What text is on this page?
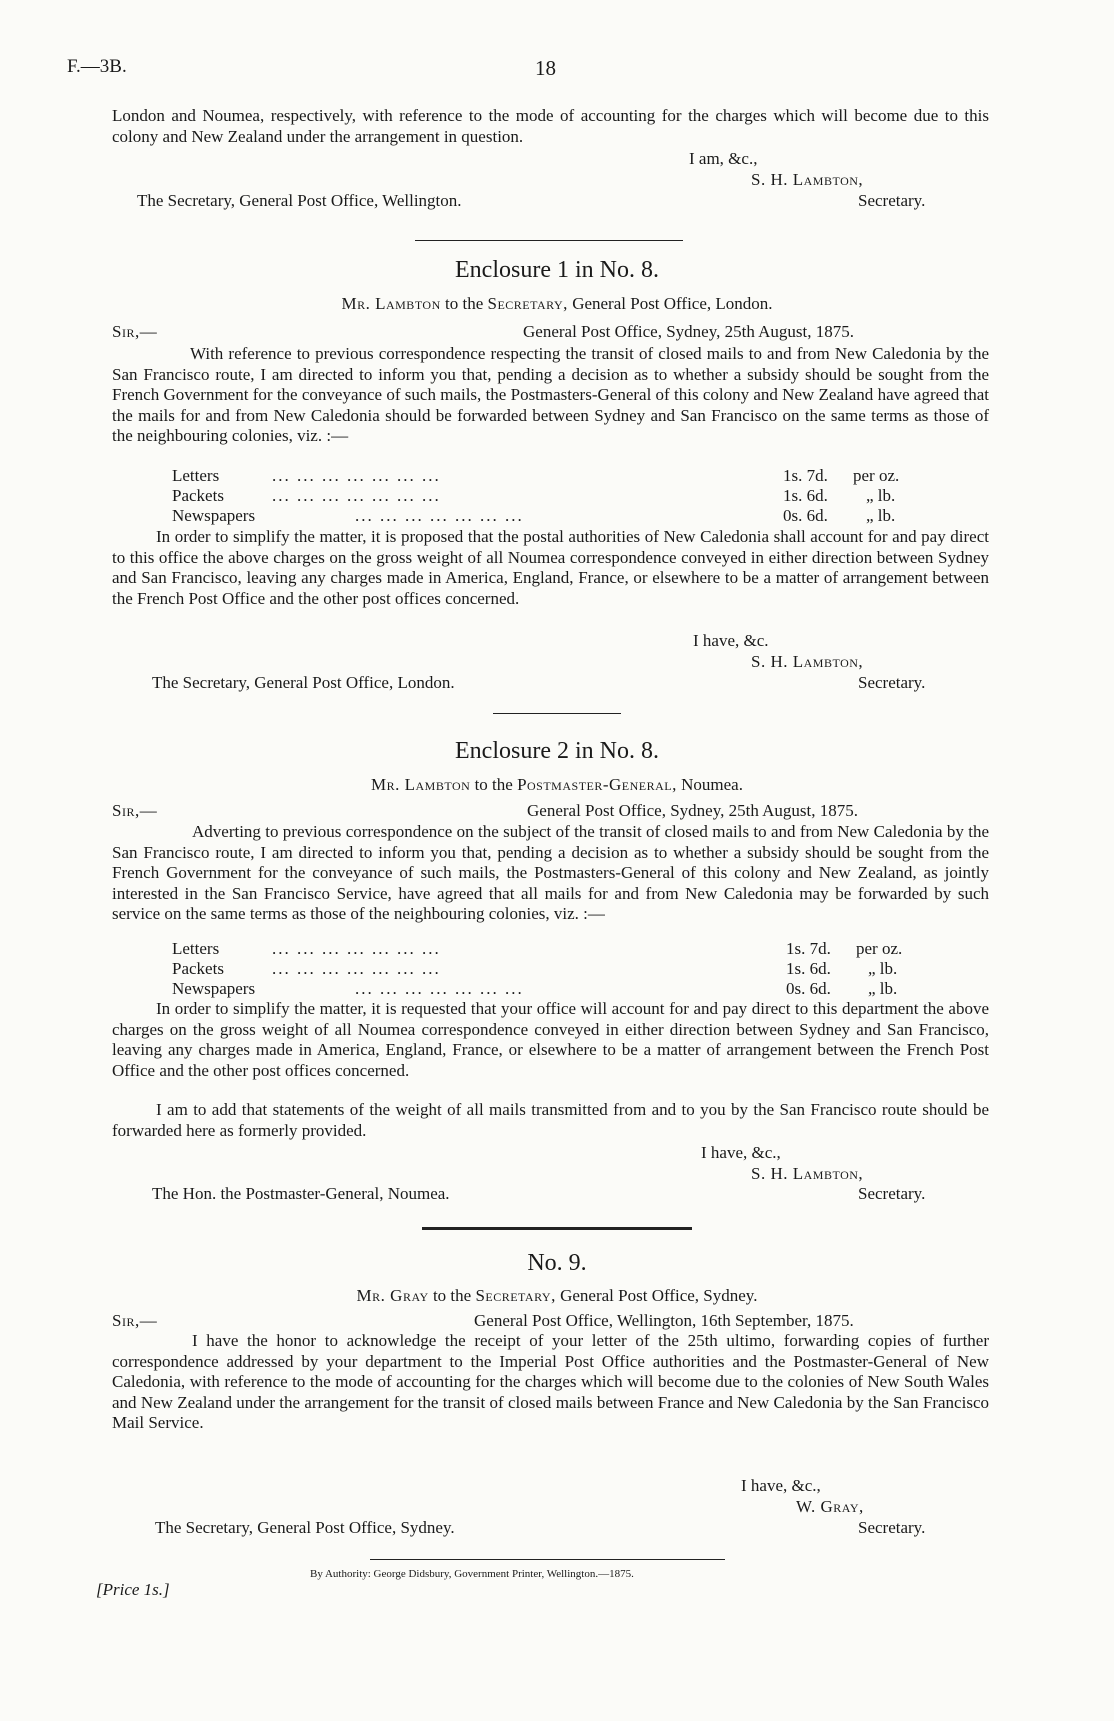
F.—3B.	18
London and Noumea, respectively, with reference to the mode of accounting for the charges which will become due to this colony and New Zealand under the arrangement in question.
I am, &c.,
S. H. Lambton,
The Secretary, General Post Office, Wellington.	Secretary.
Enclosure 1 in No. 8.
Mr. Lambton to the Secretary, General Post Office, London.
Sir,—	General Post Office, Sydney, 25th August, 1875.
With reference to previous correspondence respecting the transit of closed mails to and from New Caledonia by the San Francisco route, I am directed to inform you that, pending a decision as to whether a subsidy should be sought from the French Government for the conveyance of such mails, the Postmasters-General of this colony and New Zealand have agreed that the mails for and from New Caledonia should be forwarded between Sydney and San Francisco on the same terms as those of the neighbouring colonies, viz. :—
Letters	... ... ... ... ... ... ...	1s. 7d. per oz.
Packets	... ... ... ... ... ... ...	1s. 6d. „ lb.
Newspapers	... ... ... ... ... ... ...	0s. 6d. „ lb.
In order to simplify the matter, it is proposed that the postal authorities of New Caledonia shall account for and pay direct to this office the above charges on the gross weight of all Noumea correspondence conveyed in either direction between Sydney and San Francisco, leaving any charges made in America, England, France, or elsewhere to be a matter of arrangement between the French Post Office and the other post offices concerned.
I have, &c.
S. H. Lambton,
The Secretary, General Post Office, London.	Secretary.
Enclosure 2 in No. 8.
Mr. Lambton to the Postmaster-General, Noumea.
Sir,—	General Post Office, Sydney, 25th August, 1875.
Adverting to previous correspondence on the subject of the transit of closed mails to and from New Caledonia by the San Francisco route, I am directed to inform you that, pending a decision as to whether a subsidy should be sought from the French Government for the conveyance of such mails, the Postmasters-General of this colony and New Zealand, as jointly interested in the San Francisco Service, have agreed that all mails for and from New Caledonia may be forwarded by such service on the same terms as those of the neighbouring colonies, viz. :—
Letters	... ... ... ... ... ... ...	1s. 7d. per oz.
Packets	... ... ... ... ... ... ...	1s. 6d. „ lb.
Newspapers	... ... ... ... ... ... ...	0s. 6d. „ lb.
In order to simplify the matter, it is requested that your office will account for and pay direct to this department the above charges on the gross weight of all Noumea correspondence conveyed in either direction between Sydney and San Francisco, leaving any charges made in America, England, France, or elsewhere to be a matter of arrangement between the French Post Office and the other post offices concerned.
I am to add that statements of the weight of all mails transmitted from and to you by the San Francisco route should be forwarded here as formerly provided.
I have, &c.,
S. H. Lambton,
The Hon. the Postmaster-General, Noumea.	Secretary.
No. 9.
Mr. Gray to the Secretary, General Post Office, Sydney.
Sir,—	General Post Office, Wellington, 16th September, 1875.
I have the honor to acknowledge the receipt of your letter of the 25th ultimo, forwarding copies of further correspondence addressed by your department to the Imperial Post Office authorities and the Postmaster-General of New Caledonia, with reference to the mode of accounting for the charges which will become due to the colonies of New South Wales and New Zealand under the arrangement for the transit of closed mails between France and New Caledonia by the San Francisco Mail Service.
I have, &c.,
W. Gray,
The Secretary, General Post Office, Sydney.	Secretary.
[Price 1s.]
By Authority: George Didsbury, Government Printer, Wellington.—1875.
